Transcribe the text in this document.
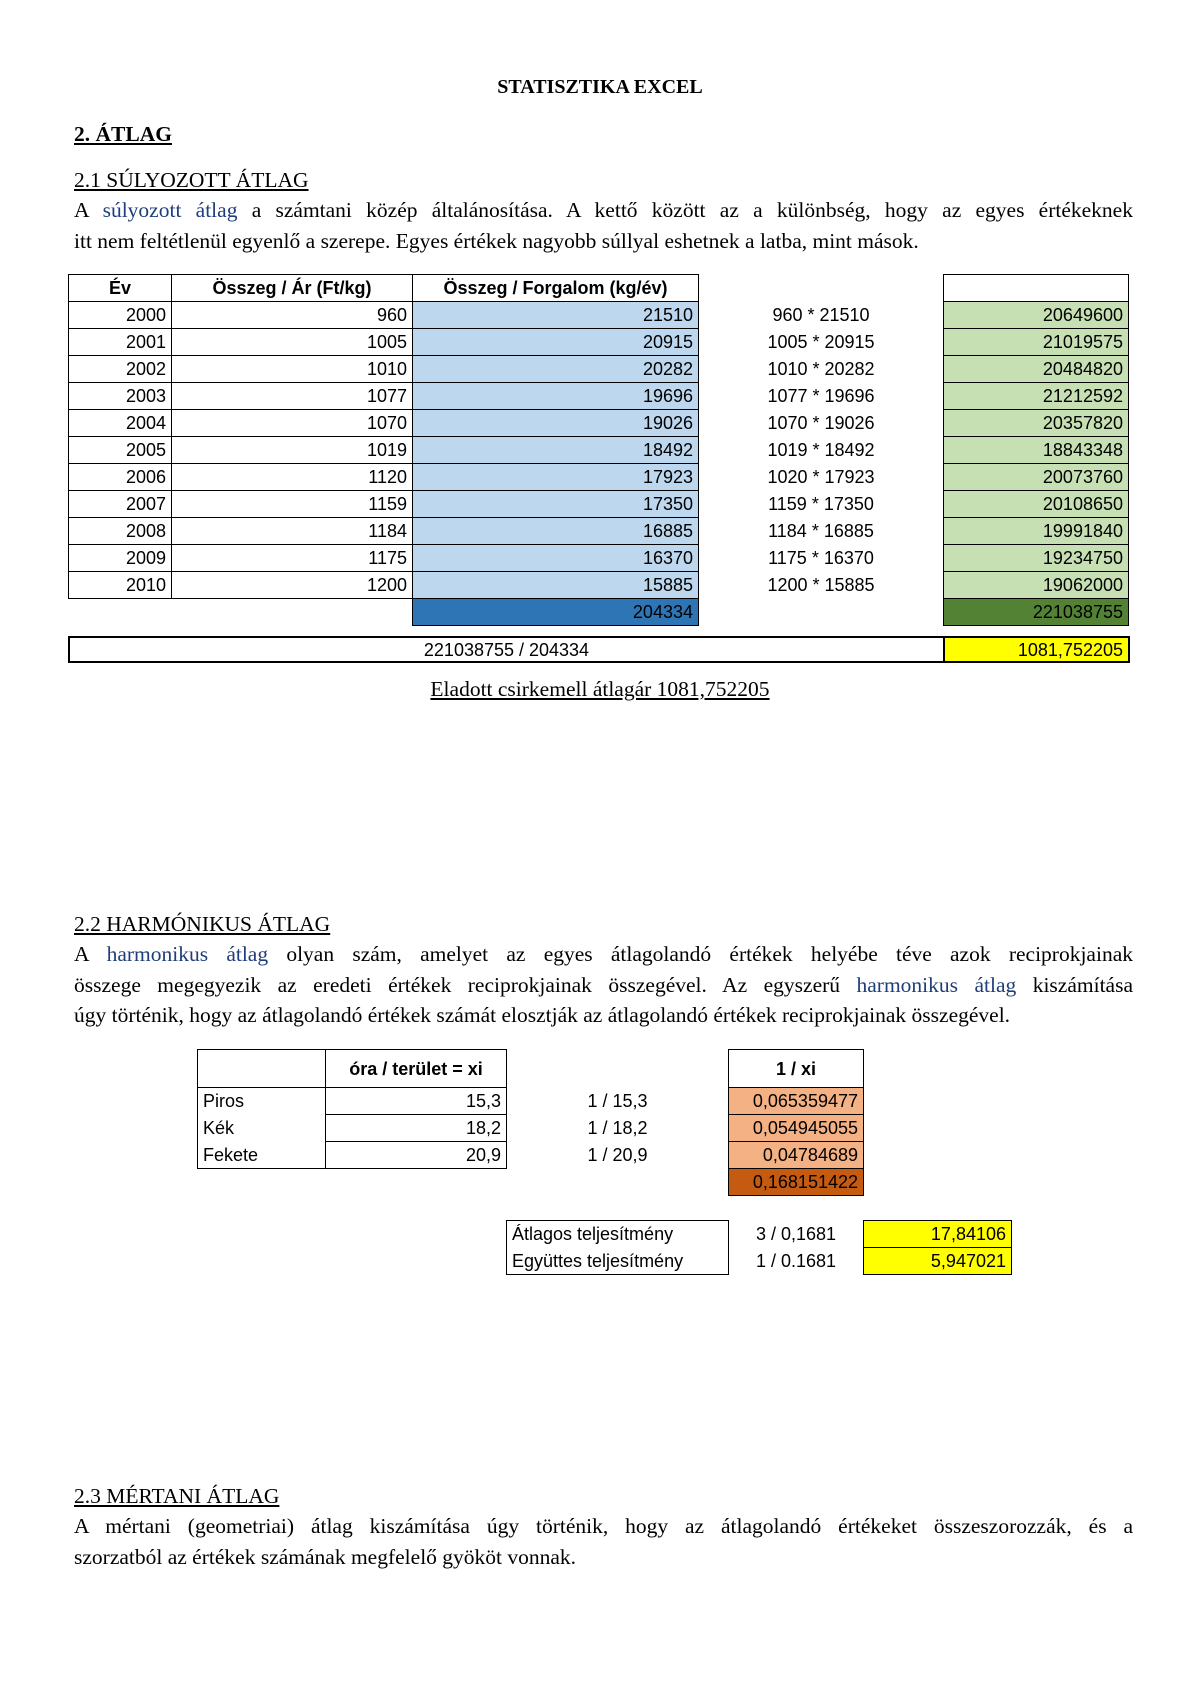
STATISZTIKA EXCEL
2. ÁTLAG
2.1 SÚLYOZOTT ÁTLAG
A súlyozott átlag a számtani közép általánosítása. A kettő között az a különbség, hogy az egyes értékeknek
itt nem feltétlenül egyenlő a szerepe. Egyes értékek nagyobb súllyal eshetnek a latba, mint mások.
Év	Összeg / Ár (Ft/kg)	Összeg / Forgalom (kg/év)		
2000	960	21510	960 * 21510	20649600
2001	1005	20915	1005 * 20915	21019575
2002	1010	20282	1010 * 20282	20484820
2003	1077	19696	1077 * 19696	21212592
2004	1070	19026	1070 * 19026	20357820
2005	1019	18492	1019 * 18492	18843348
2006	1120	17923	1020 * 17923	20073760
2007	1159	17350	1159 * 17350	20108650
2008	1184	16885	1184 * 16885	19991840
2009	1175	16370	1175 * 16370	19234750
2010	1200	15885	1200 * 15885	19062000
		204334		221038755
221038755 / 204334	1081,752205
Eladott csirkemell átlagár 1081,752205
2.2 HARMÓNIKUS ÁTLAG
A harmonikus átlag olyan szám, amelyet az egyes átlagolandó értékek helyébe téve azok reciprokjainak
összege megegyezik az eredeti értékek reciprokjainak összegével. Az egyszerű harmonikus átlag kiszámítása
úgy történik, hogy az átlagolandó értékek számát elosztják az átlagolandó értékek reciprokjainak összegével.
	óra / terület = xi		1 / xi
Piros	15,3	1 / 15,3	0,065359477
Kék	18,2	1 / 18,2	0,054945055
Fekete	20,9	1 / 20,9	0,04784689
			0,168151422
Átlagos teljesítmény	3 / 0,1681	17,84106
Együttes teljesítmény	1 / 0.1681	5,947021
2.3 MÉRTANI ÁTLAG
A mértani (geometriai) átlag kiszámítása úgy történik, hogy az átlagolandó értékeket összeszorozzák, és a
szorzatból az értékek számának megfelelő gyököt vonnak.
